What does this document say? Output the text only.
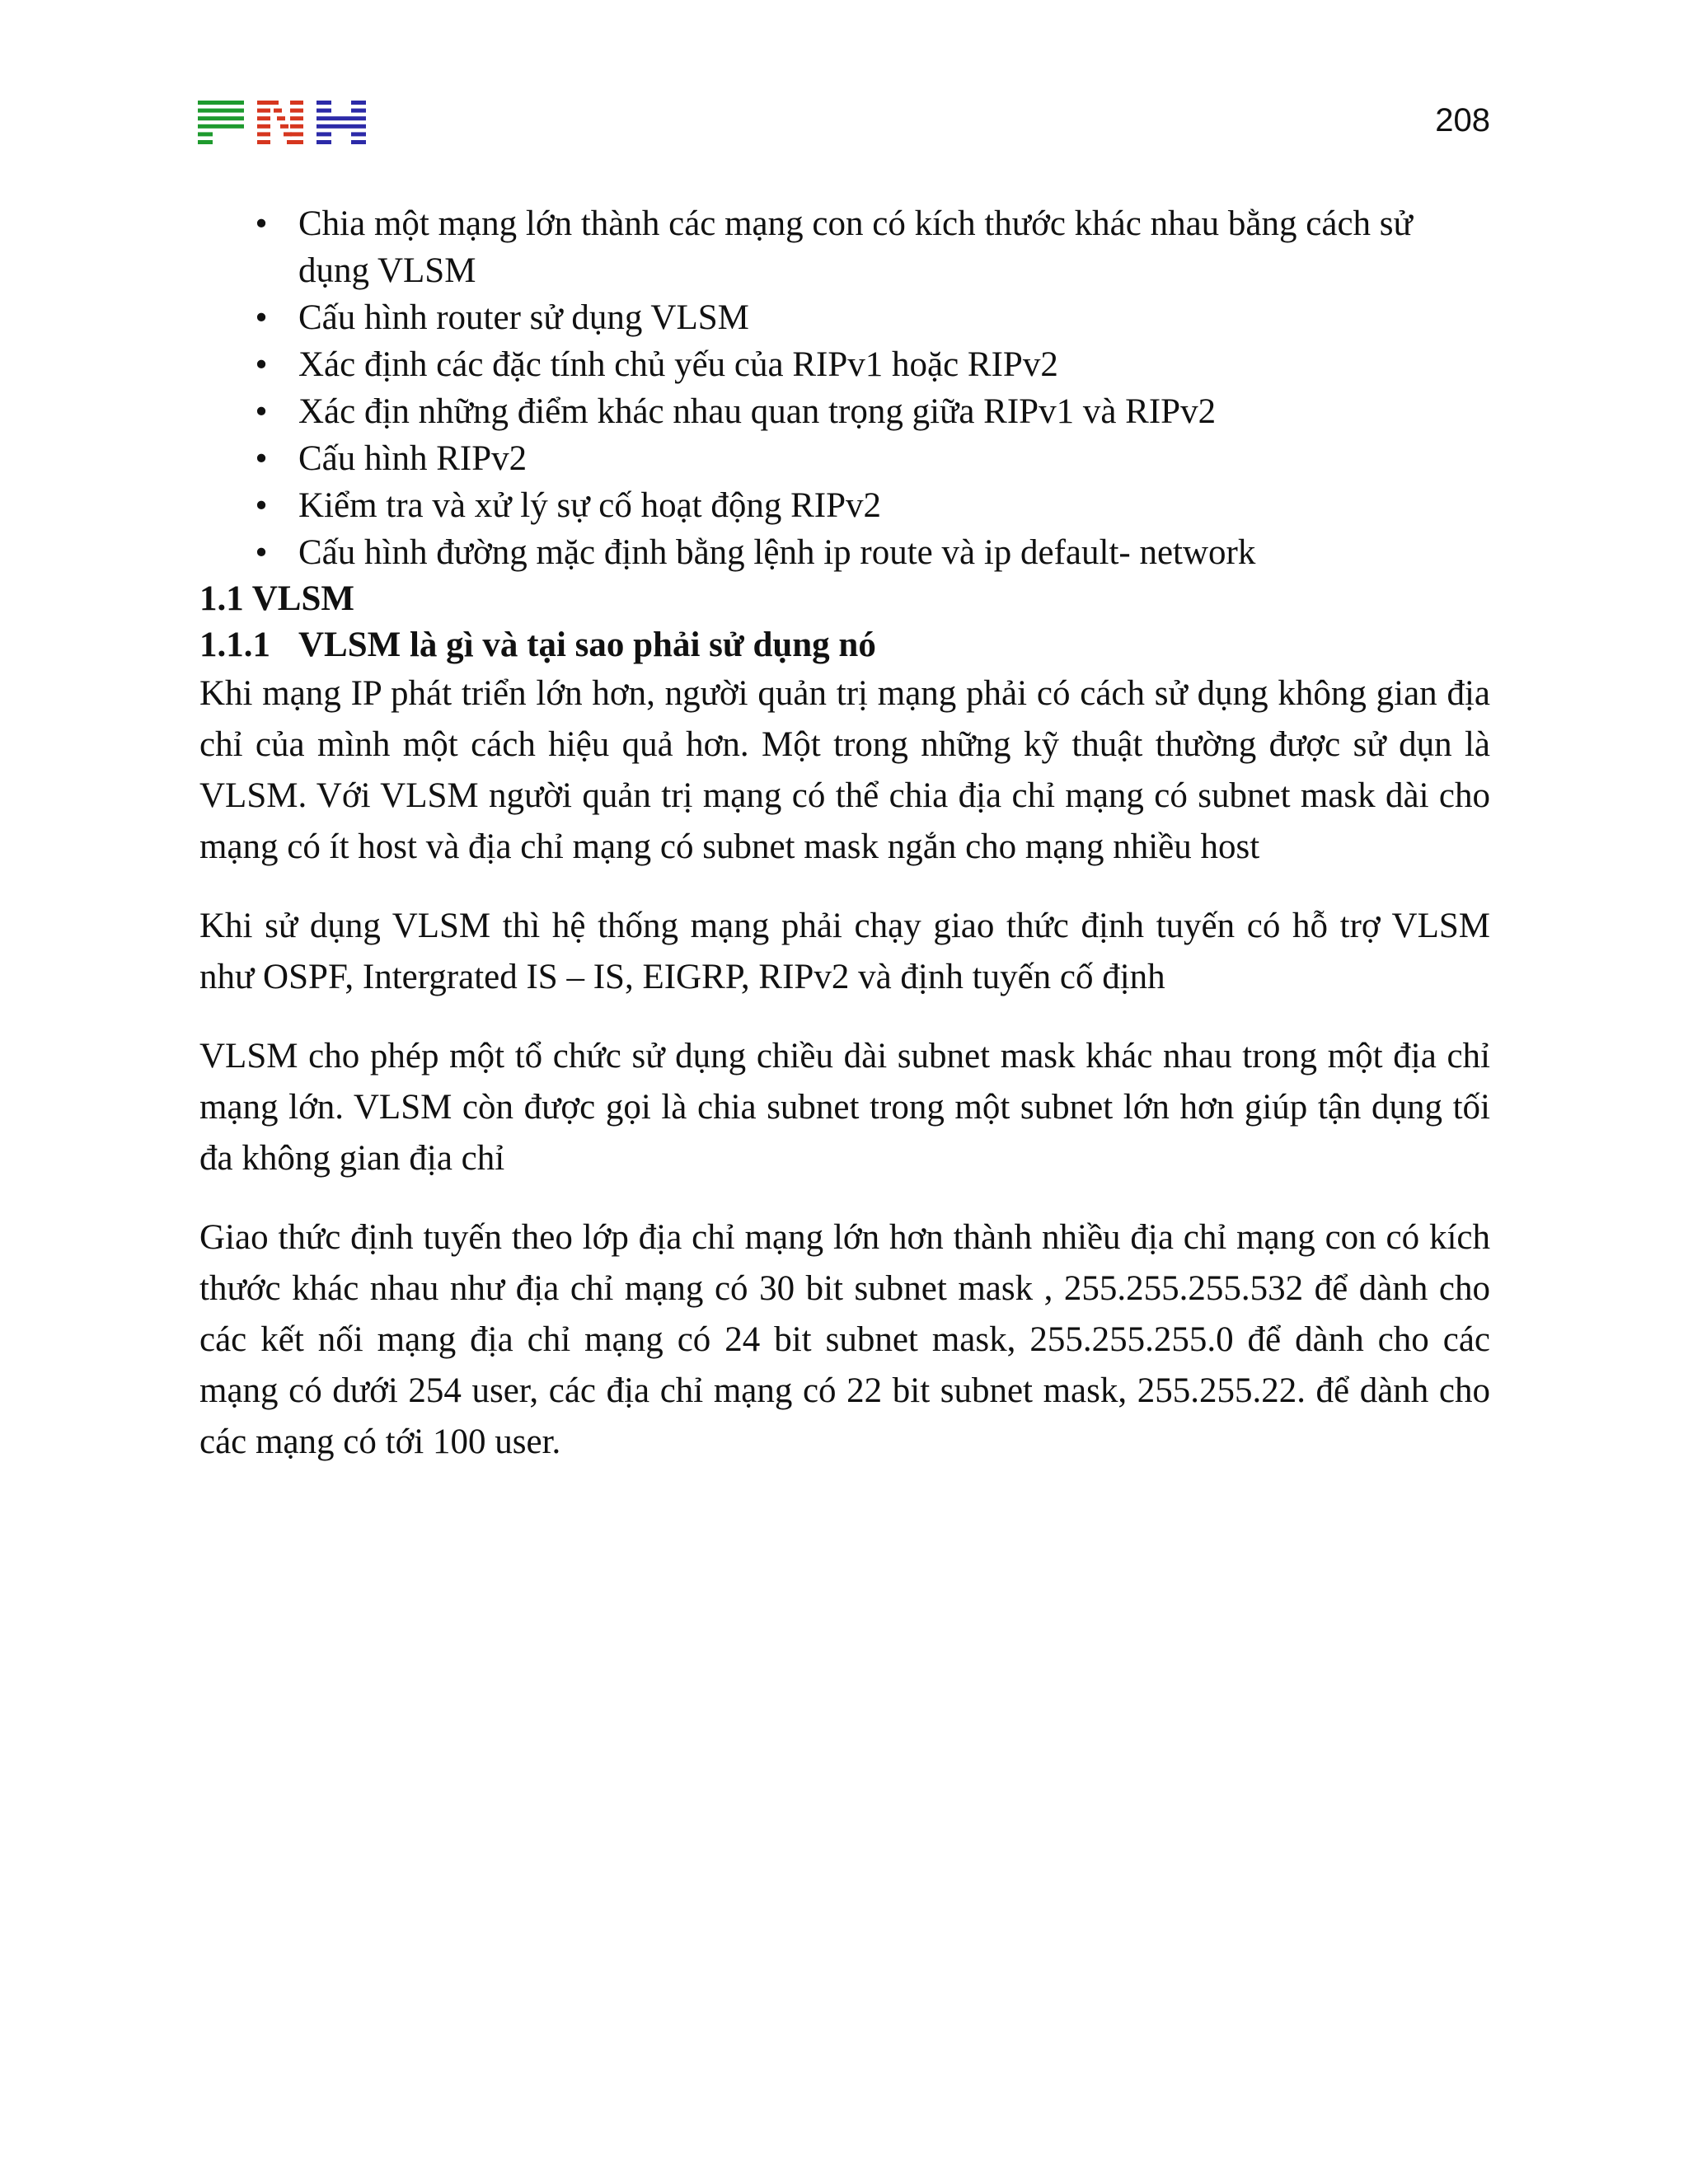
208
• Chia một mạng lớn thành các mạng con có kích thước khác nhau bằng cách sử dụng VLSM
• Cấu hình router sử dụng VLSM
• Xác định các đặc tính chủ yếu của RIPv1 hoặc RIPv2
• Xác địn những điểm khác nhau quan trọng giữa RIPv1 và RIPv2
• Cấu hình RIPv2
• Kiểm tra và xử lý sự cố hoạt động RIPv2
• Cấu hình đường mặc định bằng lệnh ip route và ip default- network
1.1 VLSM
1.1.1 VLSM là gì và tại sao phải sử dụng nó

Khi mạng IP phát triển lớn hơn, người quản trị mạng phải có cách sử dụng không gian địa chỉ của mình một cách hiệu quả hơn. Một trong những kỹ thuật thường được sử dụn là VLSM. Với VLSM người quản trị mạng có thể chia địa chỉ mạng có subnet mask dài cho mạng có ít host và địa chỉ mạng có subnet mask ngắn cho mạng nhiều host

Khi sử dụng VLSM thì hệ thống mạng phải chạy giao thức định tuyến có hỗ trợ VLSM như OSPF, Intergrated IS – IS, EIGRP, RIPv2 và định tuyến cố định

VLSM cho phép một tổ chức sử dụng chiều dài subnet mask khác nhau trong một địa chỉ mạng lớn. VLSM còn được gọi là chia subnet trong một subnet lớn hơn giúp tận dụng tối đa không gian địa chỉ

Giao thức định tuyến theo lớp địa chỉ mạng lớn hơn thành nhiều địa chỉ mạng con có kích thước khác nhau như địa chỉ mạng có 30 bit subnet mask , 255.255.255.532 để dành cho các kết nối mạng địa chỉ mạng có 24 bit subnet mask, 255.255.255.0 để dành cho các mạng có dưới 254 user, các địa chỉ mạng có 22 bit subnet mask, 255.255.22. để dành cho các mạng có tới 100 user.
